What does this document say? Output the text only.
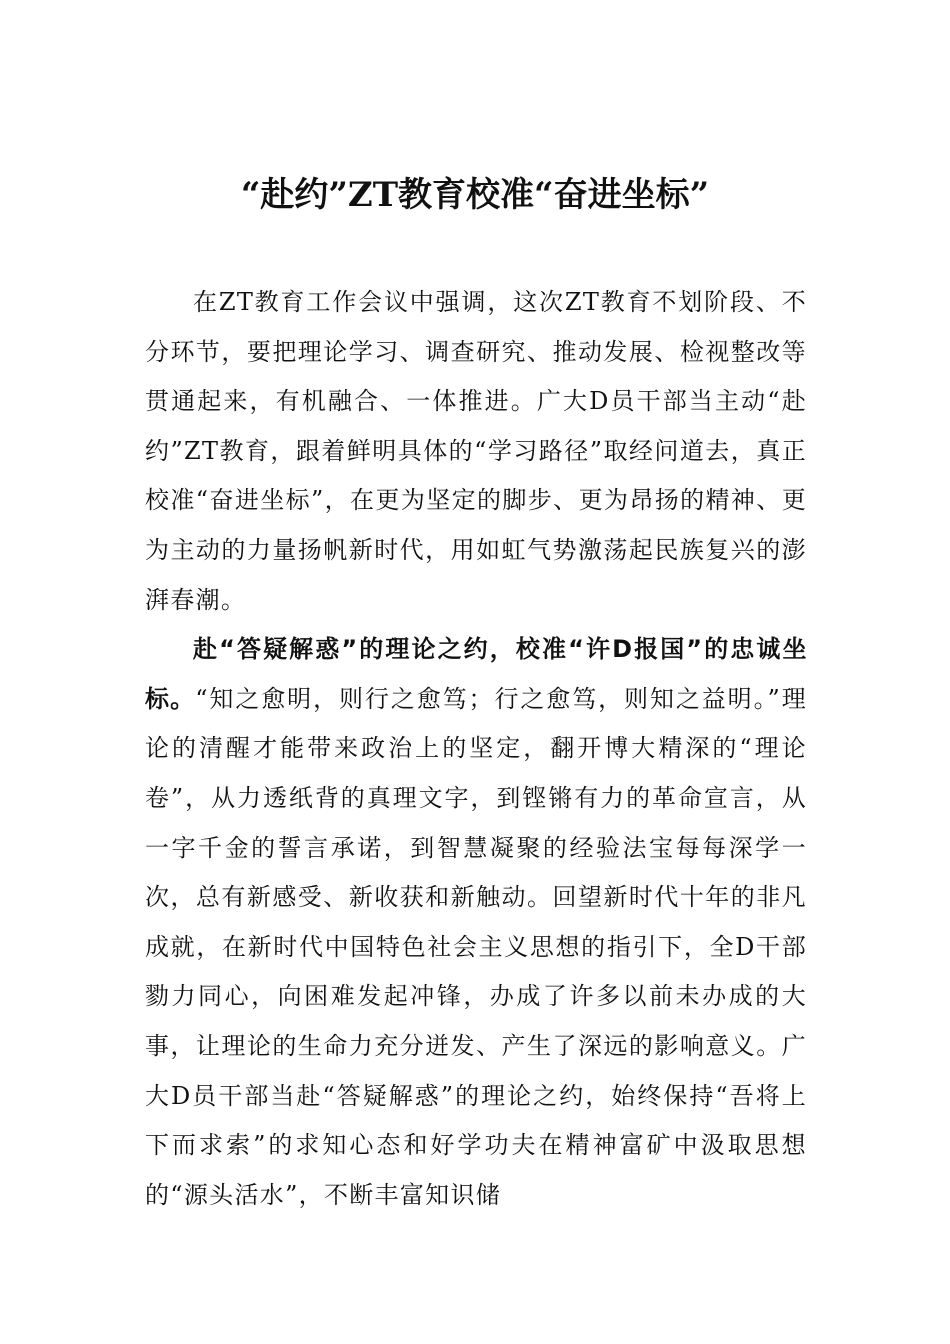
“赴约”ZT教育校准“奋进坐标”

在ZT教育工作会议中强调，这次ZT教育不划阶段、不分环节，要把理论学习、调查研究、推动发展、检视整改等贯通起来，有机融合、一体推进。广大D员干部当主动“赴约”ZT教育，跟着鲜明具体的“学习路径”取经问道去，真正校准“奋进坐标”，在更为坚定的脚步、更为昂扬的精神、更为主动的力量扬帆新时代，用如虹气势激荡起民族复兴的澎湃春潮。

赴“答疑解惑”的理论之约，校准“许D报国”的忠诚坐标。“知之愈明，则行之愈笃；行之愈笃，则知之益明。”理论的清醒才能带来政治上的坚定，翻开博大精深的“理论卷”，从力透纸背的真理文字，到铿锵有力的革命宣言，从一字千金的誓言承诺，到智慧凝聚的经验法宝每每深学一次，总有新感受、新收获和新触动。回望新时代十年的非凡成就，在新时代中国特色社会主义思想的指引下，全D干部勠力同心，向困难发起冲锋，办成了许多以前未办成的大事，让理论的生命力充分迸发、产生了深远的影响意义。广大D员干部当赴“答疑解惑”的理论之约，始终保持“吾将上下而求索”的求知心态和好学功夫在精神富矿中汲取思想的“源头活水”，不断丰富知识储
